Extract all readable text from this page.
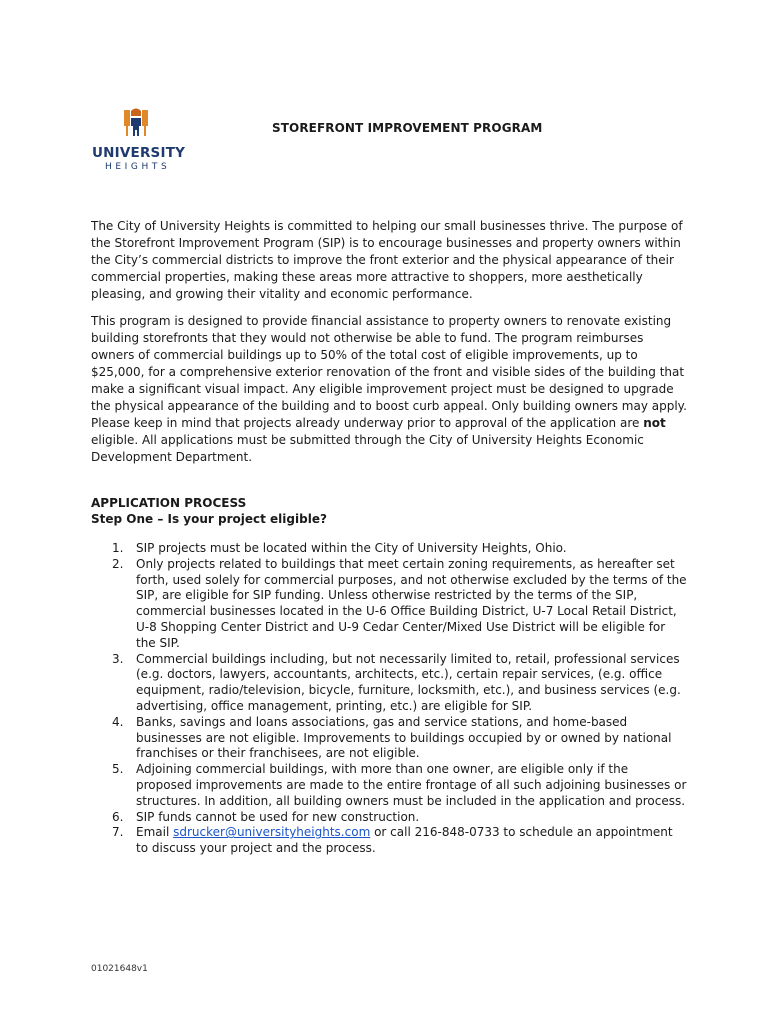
UNIVERSITY
HEIGHTS
STOREFRONT IMPROVEMENT PROGRAM

The City of University Heights is committed to helping our small businesses thrive. The purpose of the Storefront Improvement Program (SIP) is to encourage businesses and property owners within the City’s commercial districts to improve the front exterior and the physical appearance of their commercial properties, making these areas more attractive to shoppers, more aesthetically pleasing, and growing their vitality and economic performance.

This program is designed to provide financial assistance to property owners to renovate existing building storefronts that they would not otherwise be able to fund. The program reimburses owners of commercial buildings up to 50% of the total cost of eligible improvements, up to $25,000, for a comprehensive exterior renovation of the front and visible sides of the building that make a significant visual impact. Any eligible improvement project must be designed to upgrade the physical appearance of the building and to boost curb appeal. Only building owners may apply. Please keep in mind that projects already underway prior to approval of the application are not eligible. All applications must be submitted through the City of University Heights Economic Development Department.

APPLICATION PROCESS
Step One – Is your project eligible?
1. SIP projects must be located within the City of University Heights, Ohio.
2. Only projects related to buildings that meet certain zoning requirements, as hereafter set forth, used solely for commercial purposes, and not otherwise excluded by the terms of the SIP, are eligible for SIP funding. Unless otherwise restricted by the terms of the SIP, commercial businesses located in the U-6 Office Building District, U-7 Local Retail District, U-8 Shopping Center District and U-9 Cedar Center/Mixed Use District will be eligible for the SIP.
3. Commercial buildings including, but not necessarily limited to, retail, professional services (e.g. doctors, lawyers, accountants, architects, etc.), certain repair services, (e.g. office equipment, radio/television, bicycle, furniture, locksmith, etc.), and business services (e.g. advertising, office management, printing, etc.) are eligible for SIP.
4. Banks, savings and loans associations, gas and service stations, and home-based businesses are not eligible. Improvements to buildings occupied by or owned by national franchises or their franchisees, are not eligible.
5. Adjoining commercial buildings, with more than one owner, are eligible only if the proposed improvements are made to the entire frontage of all such adjoining businesses or structures. In addition, all building owners must be included in the application and process.
6. SIP funds cannot be used for new construction.
7. Email sdrucker@universityheights.com or call 216-848-0733 to schedule an appointment to discuss your project and the process.
01021648v1
